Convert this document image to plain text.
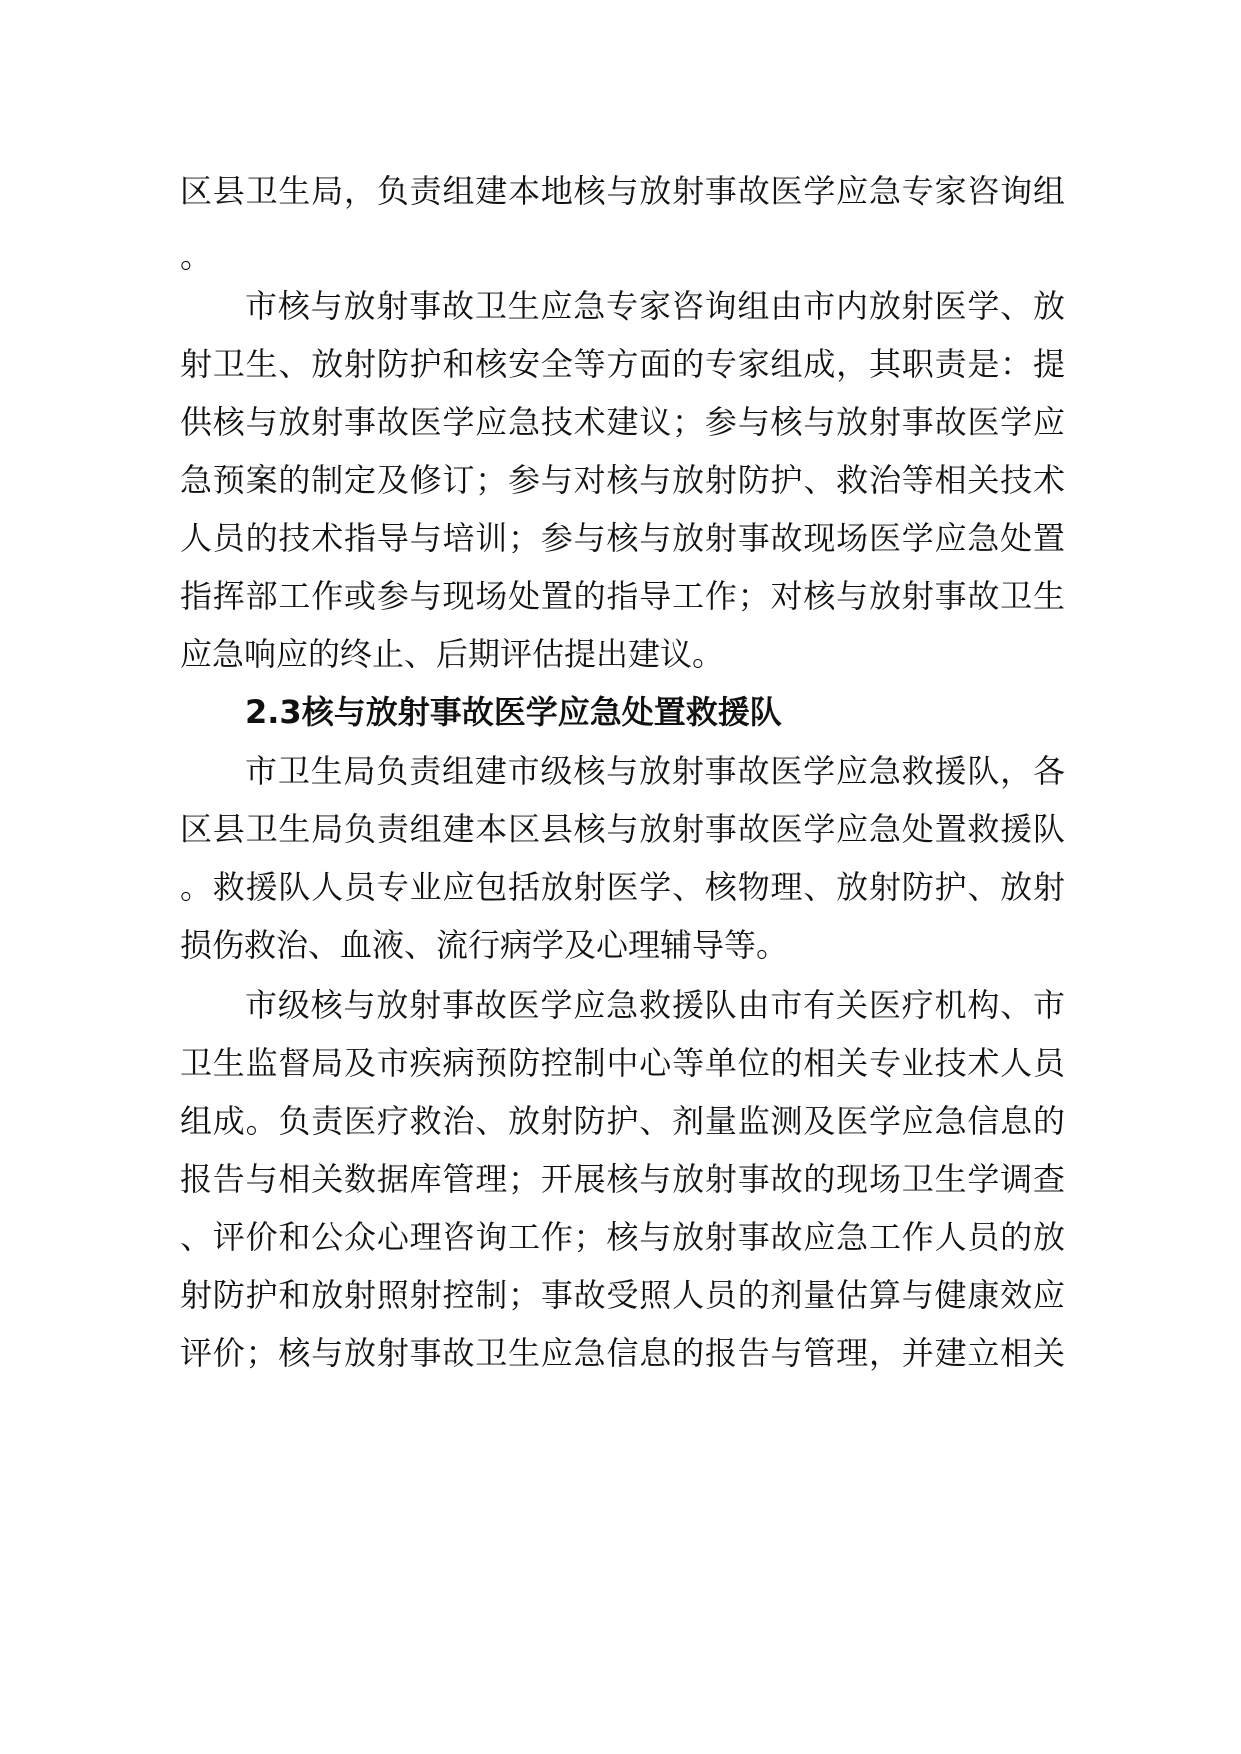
区县卫生局，负责组建本地核与放射事故医学应急专家咨询组
。
市核与放射事故卫生应急专家咨询组由市内放射医学、放
射卫生、放射防护和核安全等方面的专家组成，其职责是：提
供核与放射事故医学应急技术建议；参与核与放射事故医学应
急预案的制定及修订；参与对核与放射防护、救治等相关技术
人员的技术指导与培训；参与核与放射事故现场医学应急处置
指挥部工作或参与现场处置的指导工作；对核与放射事故卫生
应急响应的终止、后期评估提出建议。
2.3核与放射事故医学应急处置救援队
市卫生局负责组建市级核与放射事故医学应急救援队，各
区县卫生局负责组建本区县核与放射事故医学应急处置救援队
。救援队人员专业应包括放射医学、核物理、放射防护、放射
损伤救治、血液、流行病学及心理辅导等。
市级核与放射事故医学应急救援队由市有关医疗机构、市
卫生监督局及市疾病预防控制中心等单位的相关专业技术人员
组成。负责医疗救治、放射防护、剂量监测及医学应急信息的
报告与相关数据库管理；开展核与放射事故的现场卫生学调查
、评价和公众心理咨询工作；核与放射事故应急工作人员的放
射防护和放射照射控制；事故受照人员的剂量估算与健康效应
评价；核与放射事故卫生应急信息的报告与管理，并建立相关
